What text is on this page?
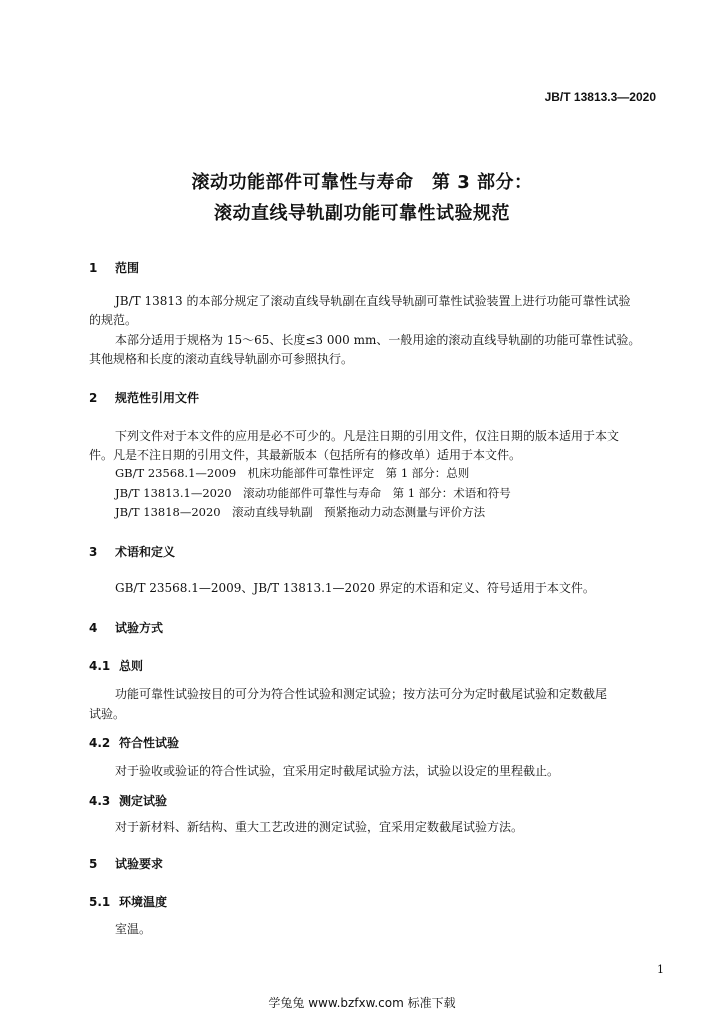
JB/T 13813.3—2020
滚动功能部件可靠性与寿命　第 3 部分：
滚动直线导轨副功能可靠性试验规范
1 范围
JB/T 13813 的本部分规定了滚动直线导轨副在直线导轨副可靠性试验装置上进行功能可靠性试验
的规范。
本部分适用于规格为 15～65、长度≤3 000 mm、一般用途的滚动直线导轨副的功能可靠性试验。
其他规格和长度的滚动直线导轨副亦可参照执行。
2 规范性引用文件
下列文件对于本文件的应用是必不可少的。凡是注日期的引用文件，仅注日期的版本适用于本文
件。凡是不注日期的引用文件，其最新版本（包括所有的修改单）适用于本文件。
GB/T 23568.1—2009　机床功能部件可靠性评定　第 1 部分：总则
JB/T 13813.1—2020　滚动功能部件可靠性与寿命　第 1 部分：术语和符号
JB/T 13818—2020　滚动直线导轨副　预紧拖动力动态测量与评价方法
3 术语和定义
GB/T 23568.1—2009、JB/T 13813.1—2020 界定的术语和定义、符号适用于本文件。
4 试验方式
4.1 总则
功能可靠性试验按目的可分为符合性试验和测定试验；按方法可分为定时截尾试验和定数截尾
试验。
4.2 符合性试验
对于验收或验证的符合性试验，宜采用定时截尾试验方法，试验以设定的里程截止。
4.3 测定试验
对于新材料、新结构、重大工艺改进的测定试验，宜采用定数截尾试验方法。
5 试验要求
5.1 环境温度
室温。
1
学兔兔 www.bzfxw.com 标准下载
